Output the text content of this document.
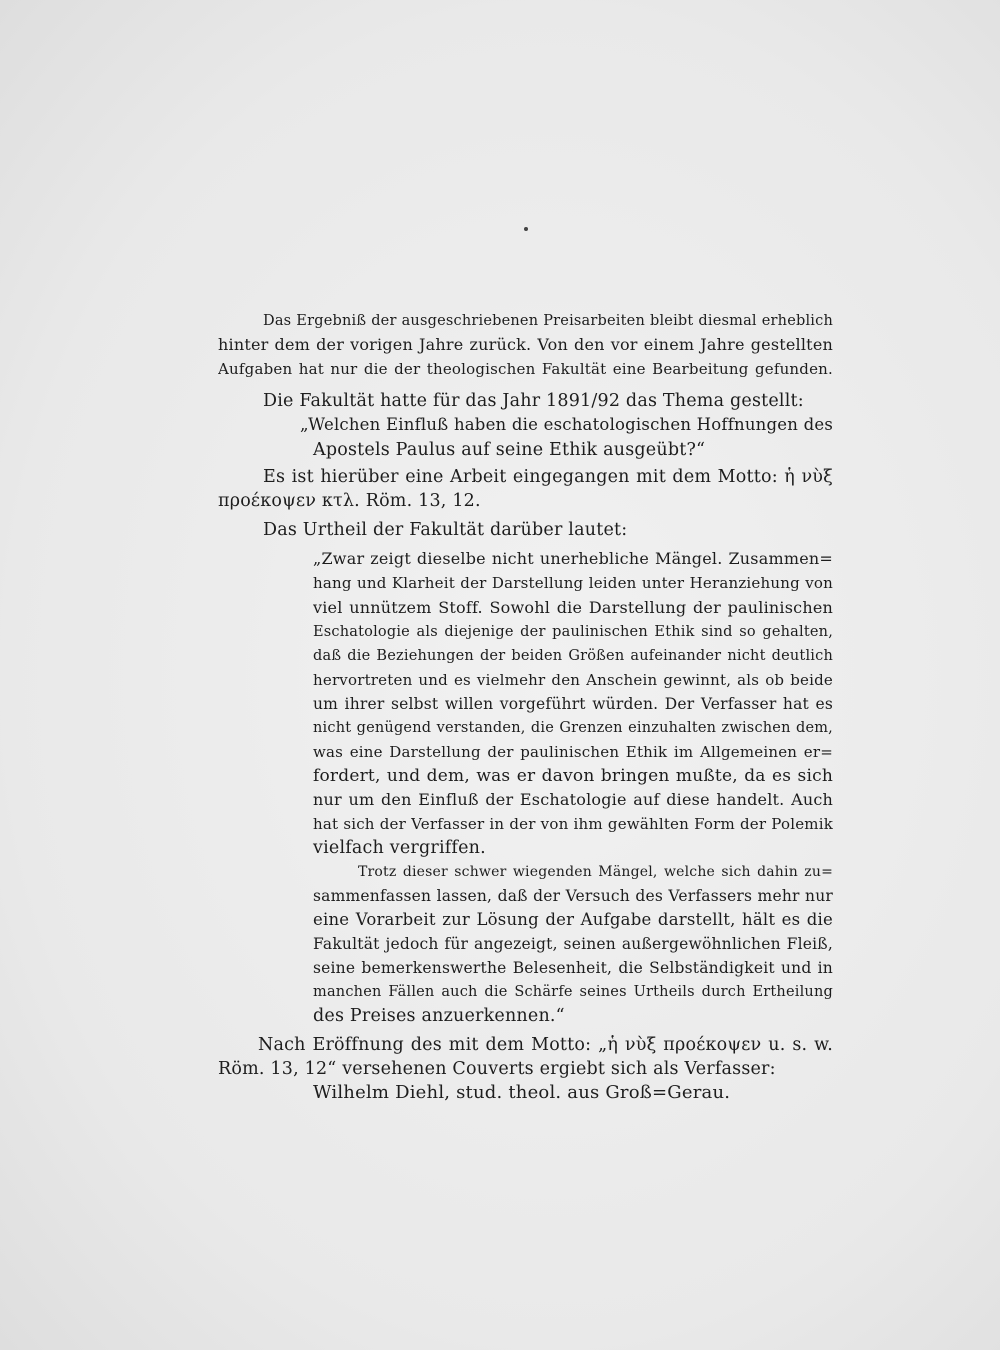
Das Ergebniß der ausgeschriebenen Preisarbeiten bleibt diesmal erheblich
hinter dem der vorigen Jahre zurück. Von den vor einem Jahre gestellten
Aufgaben hat nur die der theologischen Fakultät eine Bearbeitung gefunden.
Die Fakultät hatte für das Jahr 1891/92 das Thema gestellt:
„Welchen Einfluß haben die eschatologischen Hoffnungen des
Apostels Paulus auf seine Ethik ausgeübt?“
Es ist hierüber eine Arbeit eingegangen mit dem Motto: ἡ νὺξ
προέκοψεν κτλ. Röm. 13, 12.
Das Urtheil der Fakultät darüber lautet:
„Zwar zeigt dieselbe nicht unerhebliche Mängel. Zusammen=
hang und Klarheit der Darstellung leiden unter Heranziehung von
viel unnützem Stoff. Sowohl die Darstellung der paulinischen
Eschatologie als diejenige der paulinischen Ethik sind so gehalten,
daß die Beziehungen der beiden Größen aufeinander nicht deutlich
hervortreten und es vielmehr den Anschein gewinnt, als ob beide
um ihrer selbst willen vorgeführt würden. Der Verfasser hat es
nicht genügend verstanden, die Grenzen einzuhalten zwischen dem,
was eine Darstellung der paulinischen Ethik im Allgemeinen er=
fordert, und dem, was er davon bringen mußte, da es sich
nur um den Einfluß der Eschatologie auf diese handelt. Auch
hat sich der Verfasser in der von ihm gewählten Form der Polemik
vielfach vergriffen.
Trotz dieser schwer wiegenden Mängel, welche sich dahin zu=
sammenfassen lassen, daß der Versuch des Verfassers mehr nur
eine Vorarbeit zur Lösung der Aufgabe darstellt, hält es die
Fakultät jedoch für angezeigt, seinen außergewöhnlichen Fleiß,
seine bemerkenswerthe Belesenheit, die Selbständigkeit und in
manchen Fällen auch die Schärfe seines Urtheils durch Ertheilung
des Preises anzuerkennen.“
Nach Eröffnung des mit dem Motto: „ἡ νὺξ προέκοψεν u. s. w.
Röm. 13, 12“ versehenen Couverts ergiebt sich als Verfasser:
Wilhelm Diehl, stud. theol. aus Groß=Gerau.
